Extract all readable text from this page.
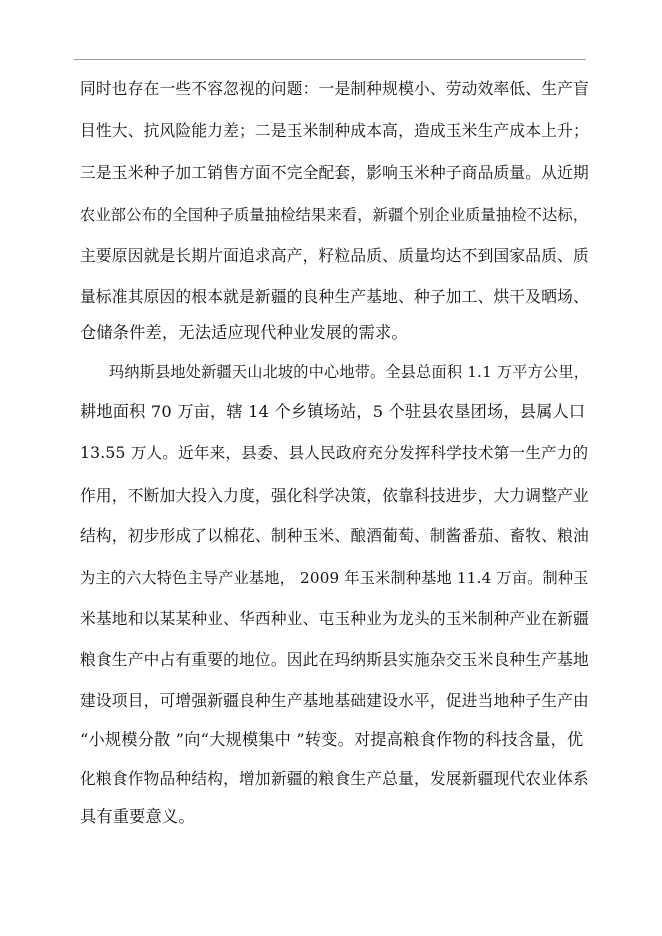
同时也存在一些不容忽视的问题：一是制种规模小、劳动效率低、生产盲
目性大、抗风险能力差；二是玉米制种成本高，造成玉米生产成本上升；
三是玉米种子加工销售方面不完全配套，影响玉米种子商品质量。从近期
农业部公布的全国种子质量抽检结果来看，新疆个别企业质量抽检不达标，
主要原因就是长期片面追求高产，籽粒品质、质量均达不到国家品质、质
量标准其原因的根本就是新疆的良种生产基地、种子加工、烘干及晒场、
仓储条件差，无法适应现代种业发展的需求。
玛纳斯县地处新疆天山北坡的中心地带。全县总面积 1.1 万平方公里，
耕地面积 70 万亩，辖 14 个乡镇场站，5 个驻县农垦团场，县属人口
13.55 万人。近年来，县委、县人民政府充分发挥科学技术第一生产力的
作用，不断加大投入力度，强化科学决策，依靠科技进步，大力调整产业
结构，初步形成了以棉花、制种玉米、酿酒葡萄、制酱番茄、畜牧、粮油
为主的六大特色主导产业基地， 2009 年玉米制种基地 11.4 万亩。制种玉
米基地和以某某种业、华西种业、屯玉种业为龙头的玉米制种产业在新疆
粮食生产中占有重要的地位。因此在玛纳斯县实施杂交玉米良种生产基地
建设项目，可增强新疆良种生产基地基础建设水平，促进当地种子生产由
“小规模分散 ”向“大规模集中 ”转变。对提高粮食作物的科技含量，优
化粮食作物品种结构，增加新疆的粮食生产总量，发展新疆现代农业体系
具有重要意义。
